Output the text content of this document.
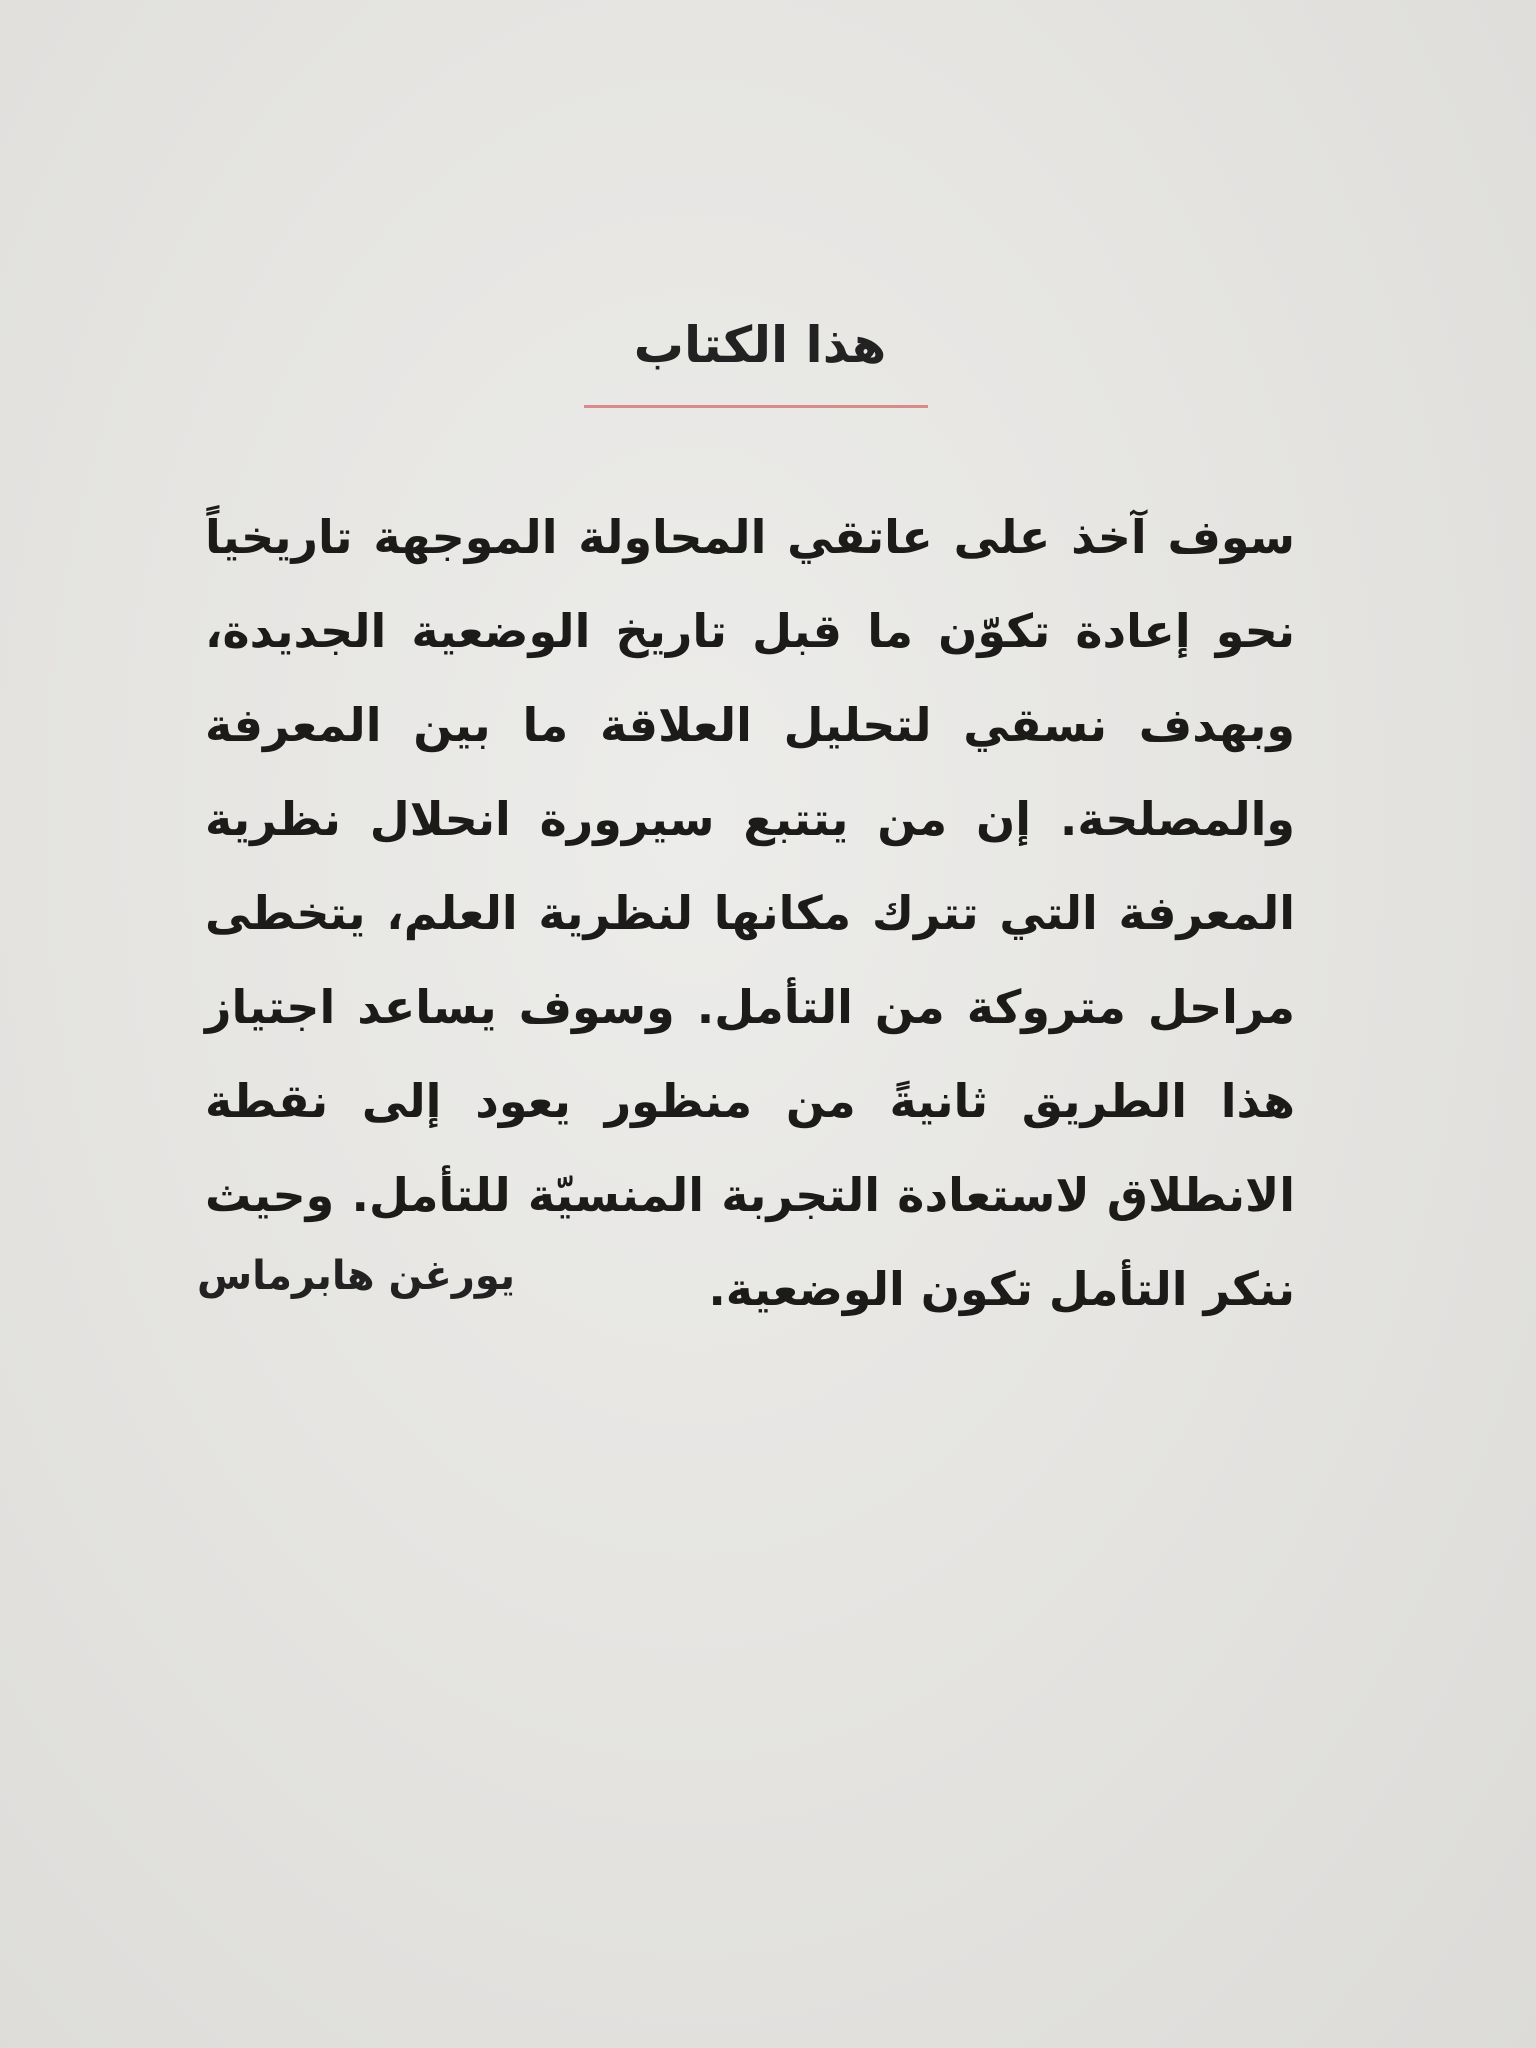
هذا الكتاب
سوف آخذ على عاتقي المحاولة الموجهة تاريخياً نحو إعادة تكوّن ما قبل تاريخ الوضعية الجديدة، وبهدف نسقي لتحليل العلاقة ما بين المعرفة والمصلحة. إن من يتتبع سيرورة انحلال نظرية المعرفة التي تترك مكانها لنظرية العلم، يتخطى مراحل متروكة من التأمل. وسوف يساعد اجتياز هذا الطريق ثانيةً من منظور يعود إلى نقطة الانطلاق لاستعادة التجربة المنسيّة للتأمل. وحيث ننكر التأمل تكون الوضعية.
يورغن هابرماس
